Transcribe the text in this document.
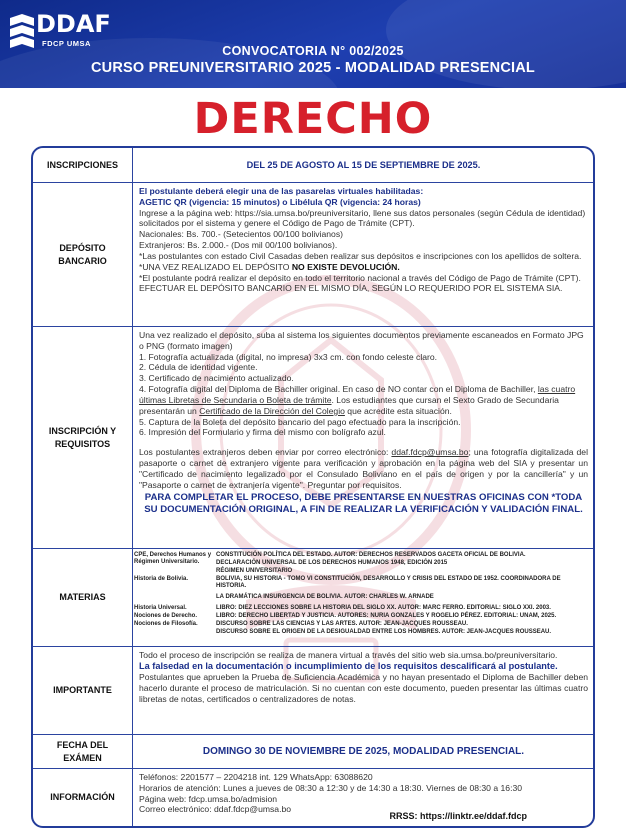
DDAF
FDCP UMSA
CONVOCATORIA N° 002/2025
CURSO PREUNIVERSITARIO 2025 - MODALIDAD PRESENCIAL
DERECHO
INSCRIPCIONES	DEL 25 DE AGOSTO AL 15 DE SEPTIEMBRE DE 2025.
DEPÓSITO BANCARIO

El postulante deberá elegir una de las pasarelas virtuales habilitadas:

AGETIC QR (vigencia: 15 minutos) o Libélula QR (vigencia: 24 horas)

Ingrese a la página web: https://sia.umsa.bo/preuniversitario, llene sus datos personales (según Cédula de identidad) solicitados por el sistema y genere el Código de Pago de Trámite (CPT).

Nacionales: Bs. 700.- (Setecientos 00/100 bolivianos)

Extranjeros: Bs. 2.000.- (Dos mil 00/100 bolivianos).

*Las postulantes con estado Civil Casadas deben realizar sus depósitos e inscripciones con los apellidos de soltera.

*UNA VEZ REALIZADO EL DEPÓSITO NO EXISTE DEVOLUCIÓN.

*El postulante podrá realizar el depósito en todo el territorio nacional a través del Código de Pago de Trámite (CPT).

EFECTUAR EL DEPÓSITO BANCARIO EN EL MISMO DÍA, SEGÚN LO REQUERIDO POR EL SISTEMA SIA.

INSCRIPCIÓN Y REQUISITOS

Una vez realizado el depósito, suba al sistema los siguientes documentos previamente escaneados en Formato JPG o PNG (formato imagen)

1. Fotografía actualizada (digital, no impresa) 3x3 cm. con fondo celeste claro.

2. Cédula de identidad vigente.

3. Certificado de nacimiento actualizado.

4. Fotografía digital del Diploma de Bachiller original. En caso de NO contar con el Diploma de Bachiller, las cuatro últimas Libretas de Secundaria o Boleta de trámite. Los estudiantes que cursan el Sexto Grado de Secundaria presentarán un Certificado de la Dirección del Colegio que acredite esta situación.

5. Captura de la Boleta del depósito bancario del pago efectuado para la inscripción.

6. Impresión del Formulario y firma del mismo con bolígrafo azul.

Los postulantes extranjeros deben enviar por correo electrónico: ddaf.fdcp@umsa.bo; una fotografía digitalizada del pasaporte o carnet de extranjero vigente para verificación y aprobación en la página web del SIA y presentar un "Certificado de nacimiento legalizado por el Consulado Boliviano en el país de origen y por la cancillería" y un "Pasaporte o carnet de extranjería vigente". Preguntar por requisitos.

PARA COMPLETAR EL PROCESO, DEBE PRESENTARSE EN NUESTRAS OFICINAS CON *TODA SU DOCUMENTACIÓN ORIGINAL, A FIN DE REALIZAR LA VERIFICACIÓN Y VALIDACIÓN FINAL.

MATERIAS
CPE, Derechos Humanos y Régimen Universitario.
CONSTITUCIÓN POLÍTICA DEL ESTADO. AUTOR: DERECHOS RESERVADOS GACETA OFICIAL DE BOLIVIA.
DECLARACIÓN UNIVERSAL DE LOS DERECHOS HUMANOS 1948, EDICIÓN 2015
RÉGIMEN UNIVERSITARIO
Historia de Bolivia.	BOLIVIA, SU HISTORIA - TOMO VI CONSTITUCIÓN, DESARROLLO Y CRISIS DEL ESTADO DE 1952. COORDINADORA DE HISTORIA.
LA DRAMÁTICA INSURGENCIA DE BOLIVIA. AUTOR: CHARLES W. ARNADE
Historia Universal.
Nociones de Derecho.
Nociones de Filosofía.
LIBRO: DIEZ LECCIONES SOBRE LA HISTORIA DEL SIGLO XX. AUTOR: MARC FERRO. EDITORIAL: SIGLO XXI. 2003.
LIBRO: DERECHO LIBERTAD Y JUSTICIA. AUTORES: NURIA GONZALES Y ROGELIO PÉREZ. EDITORIAL: UNAM, 2025.
DISCURSO SOBRE LAS CIENCIAS Y LAS ARTES. AUTOR: JEAN-JACQUES ROUSSEAU.
DISCURSO SOBRE EL ORIGEN DE LA DESIGUALDAD ENTRE LOS HOMBRES. AUTOR: JEAN-JACQUES ROUSSEAU.
IMPORTANTE

Todo el proceso de inscripción se realiza de manera virtual a través del sitio web sia.umsa.bo/preuniversitario.

La falsedad en la documentación o incumplimiento de los requisitos descalificará al postulante.

Postulantes que aprueben la Prueba de Suficiencia Académica y no hayan presentado el Diploma de Bachiller deben hacerlo durante el proceso de matriculación. Si no cuentan con este documento, pueden presentar las últimas cuatro libretas de notas, certificados o centralizadores de notas.

FECHA DEL EXÁMEN
DOMINGO 30 DE NOVIEMBRE DE 2025, MODALIDAD PRESENCIAL.
INFORMACIÓN

Teléfonos: 2201577 – 2204218 int. 129 WhatsApp: 63088620

Horarios de atención: Lunes a jueves de 08:30 a 12:30 y de 14:30 a 18:30. Viernes de 08:30 a 16:30

Página web: fdcp.umsa.bo/admision

Correo electrónico: ddaf.fdcp@umsa.bo

RRSS: https://linktr.ee/ddaf.fdcp
